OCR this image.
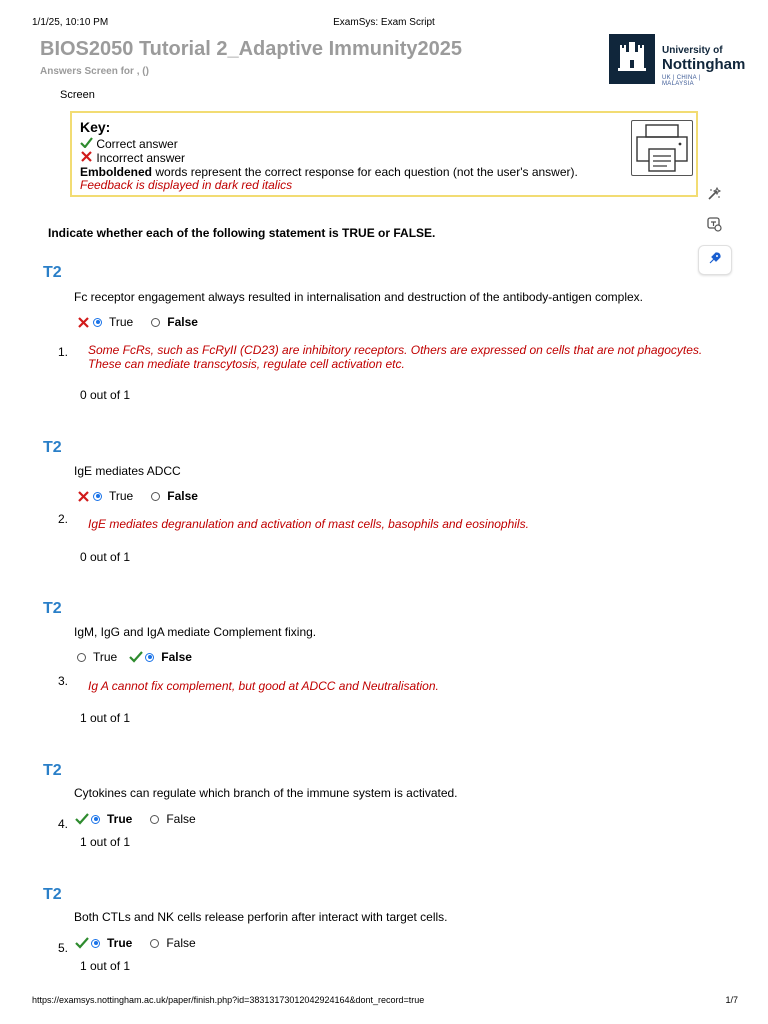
1/1/25, 10:10 PM	ExamSys: Exam Script
https://examsys.nottingham.ac.uk/paper/finish.php?id=38313173012042924164&dont_record=true	1/7
BIOS2050 Tutorial 2_Adaptive Immunity2025
Answers Screen for , ()
University of
Nottingham
UK | CHINA | MALAYSIA
Screen
Key:
Correct answer
Incorrect answer
Emboldened words represent the correct response for each question (not the user's answer).
Feedback is displayed in dark red italics
Indicate whether each of the following statement is TRUE or FALSE.
T2
Fc receptor engagement always resulted in internalisation and destruction of the antibody-antigen complex.
True	False
1. Some FcRs, such as FcRyII (CD23) are inhibitory receptors. Others are expressed on cells that are not phagocytes.
These can mediate transcytosis, regulate cell activation etc.
0 out of 1
T2
IgE mediates ADCC
True	False
2. IgE mediates degranulation and activation of mast cells, basophils and eosinophils.
0 out of 1
T2
IgM, IgG and IgA mediate Complement fixing.
True	False
3. Ig A cannot fix complement, but good at ADCC and Neutralisation.
1 out of 1
T2
Cytokines can regulate which branch of the immune system is activated.
4.	True	False
1 out of 1
T2
Both CTLs and NK cells release perforin after interact with target cells.
5.	True	False
1 out of 1
